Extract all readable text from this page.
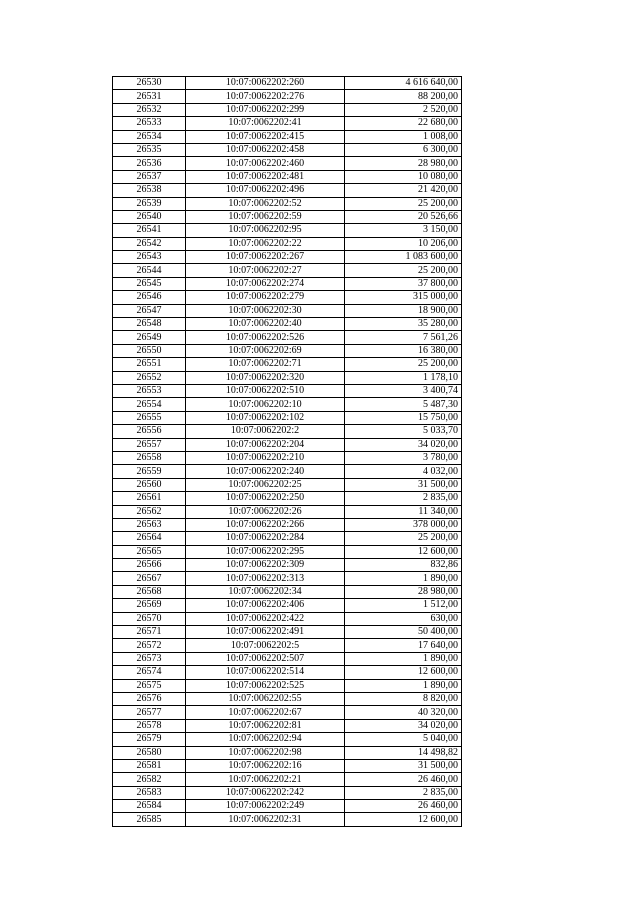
26530	10:07:0062202:260	4 616 640,00
26531	10:07:0062202:276	88 200,00
26532	10:07:0062202:299	2 520,00
26533	10:07:0062202:41	22 680,00
26534	10:07:0062202:415	1 008,00
26535	10:07:0062202:458	6 300,00
26536	10:07:0062202:460	28 980,00
26537	10:07:0062202:481	10 080,00
26538	10:07:0062202:496	21 420,00
26539	10:07:0062202:52	25 200,00
26540	10:07:0062202:59	20 526,66
26541	10:07:0062202:95	3 150,00
26542	10:07:0062202:22	10 206,00
26543	10:07:0062202:267	1 083 600,00
26544	10:07:0062202:27	25 200,00
26545	10:07:0062202:274	37 800,00
26546	10:07:0062202:279	315 000,00
26547	10:07:0062202:30	18 900,00
26548	10:07:0062202:40	35 280,00
26549	10:07:0062202:526	7 561,26
26550	10:07:0062202:69	16 380,00
26551	10:07:0062202:71	25 200,00
26552	10:07:0062202:320	1 178,10
26553	10:07:0062202:510	3 400,74
26554	10:07:0062202:10	5 487,30
26555	10:07:0062202:102	15 750,00
26556	10:07:0062202:2	5 033,70
26557	10:07:0062202:204	34 020,00
26558	10:07:0062202:210	3 780,00
26559	10:07:0062202:240	4 032,00
26560	10:07:0062202:25	31 500,00
26561	10:07:0062202:250	2 835,00
26562	10:07:0062202:26	11 340,00
26563	10:07:0062202:266	378 000,00
26564	10:07:0062202:284	25 200,00
26565	10:07:0062202:295	12 600,00
26566	10:07:0062202:309	832,86
26567	10:07:0062202:313	1 890,00
26568	10:07:0062202:34	28 980,00
26569	10:07:0062202:406	1 512,00
26570	10:07:0062202:422	630,00
26571	10:07:0062202:491	50 400,00
26572	10:07:0062202:5	17 640,00
26573	10:07:0062202:507	1 890,00
26574	10:07:0062202:514	12 600,00
26575	10:07:0062202:525	1 890,00
26576	10:07:0062202:55	8 820,00
26577	10:07:0062202:67	40 320,00
26578	10:07:0062202:81	34 020,00
26579	10:07:0062202:94	5 040,00
26580	10:07:0062202:98	14 498,82
26581	10:07:0062202:16	31 500,00
26582	10:07:0062202:21	26 460,00
26583	10:07:0062202:242	2 835,00
26584	10:07:0062202:249	26 460,00
26585	10:07:0062202:31	12 600,00
